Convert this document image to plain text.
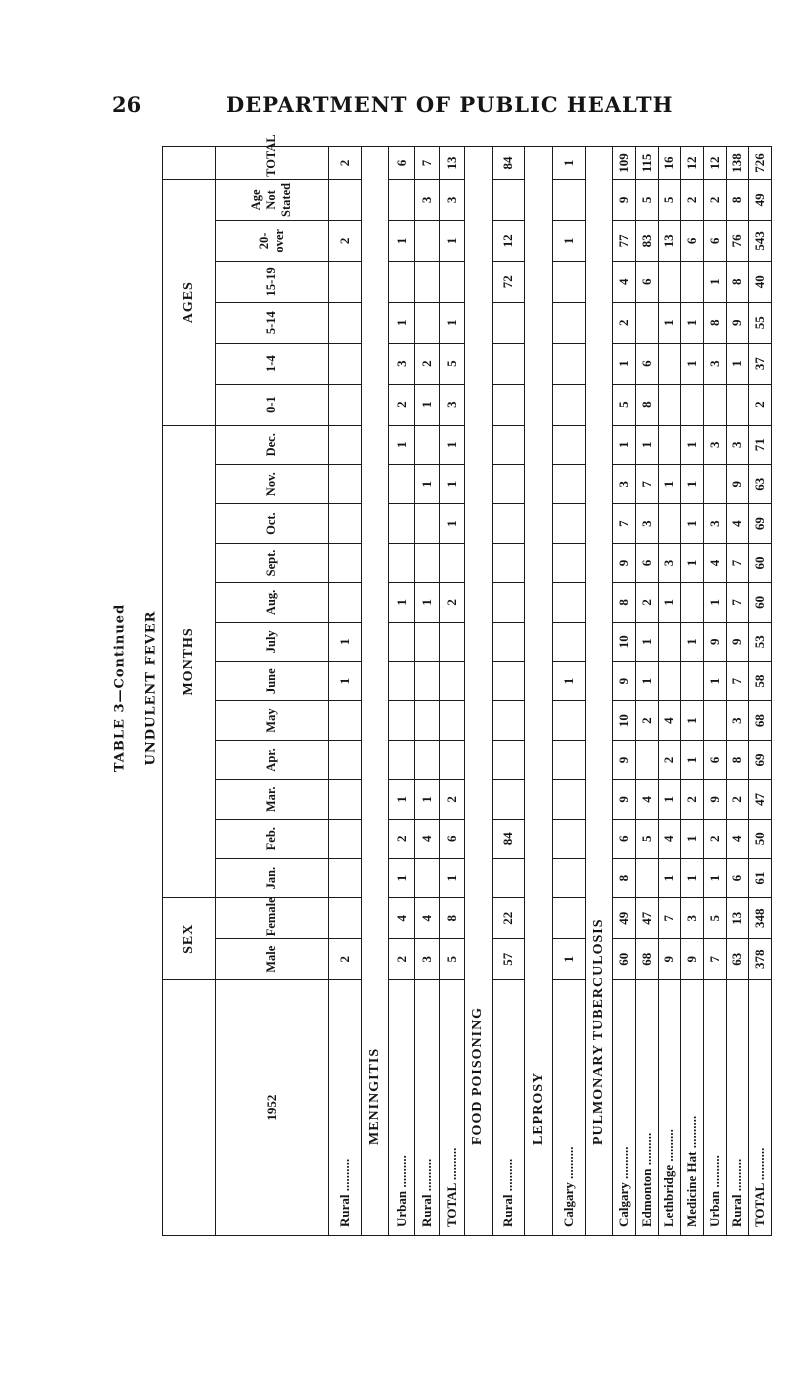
26	DEPARTMENT OF PUBLIC HEALTH
TABLE 3—Continued UNDULENT FEVER
	SEX		MONTHS												AGES						
1952	Male	Female	Jan.	Feb.	Mar.	Apr.	May	June	July	Aug.	Sept.	Oct.	Nov.	Dec.	0-1	1-4	5-14	15-19	20-over	Age Not Stated	TOTAL
Rural ..........	2							1	1										2		2
MENINGITIS																					
Urban ..........	2	4	1	2	1					1				1	2	3	1		1		6
Rural ..........	3	4		4	1					1			1		1	2				3	7
TOTAL ..........	5	8	1	6	2					2		1	1	1	3	5	1		1	3	13
FOOD POISONING																					
Rural ..........	57	22		84														72	12		84
LEPROSY																					
Calgary ..........	1							1											1		1
PULMONARY TUBERCULOSIS																					
Calgary ..........	60	49	8	6	9	9	10	9	10	8	9	7	3	1	5	1	2	4	77	9	109
Edmonton ..........	68	47		5	4		2	1	1	2	6	3	7	1	8	6		6	83	5	115
Lethbridge ..........	9	7	1	4	1	2	4			1	3		1				1		13	5	16
Medicine Hat ..........	9	3	1	1	2	1	1		1		1	1	1	1		1	1		6	2	12
Urban ..........	7	5	1	2	9	6		1	9	1	4	3		3		3	8	1	6	2	12
Rural ..........	63	13	6	4	2	8	3	7	9	7	7	4	9	3		1	9	8	76	8	138
TOTAL ..........	378	348	61	50	47	69	68	58	53	60	60	69	63	71	2	37	55	40	543	49	726
